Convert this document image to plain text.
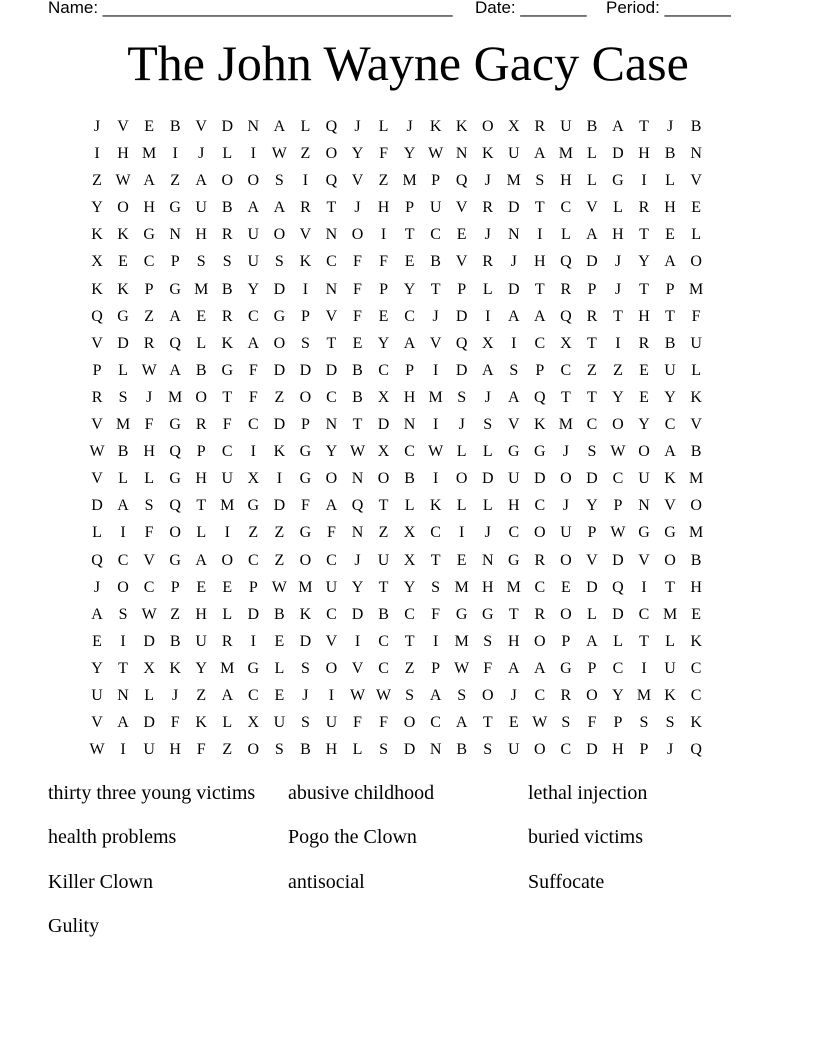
Name: _____________________________________ Date: _______ Period: _______
The John Wayne Gacy Case
J	V E B V D N A L Q	J	L	J	K K O X R U B A T	J	B
I	H M	I	J	L	I W Z O Y F Y W N K U A M L D H B N
Z W A Z A O O S	I	Q V Z M P Q	J M S H L G	I	L V
Y O H G U B A A R T	J	H P U V R D T C V L R H E
K K G N H R U O V N O	I	T C E	J	N	I	L A H T	E	L
X E C	P	S	S U S K C	F	F	E B V R	J	H Q D	J	Y A O
K K P G M B Y D	I	N F	P Y T	P	L D T R	P	J	T	P M
Q G Z A E R C G P V F	E C	J	D	I	A A Q R T H T	F
V D R Q L K A O S	T	E Y A V Q X	I	C X T	I	R B U
P	L W A B G F D D D B C	P	I	D A S	P	C Z	Z	E U L
R	S	J M O T	F	Z O C B X H M S	J	A Q T	T Y E Y K
V M F G R	F	C D P N T D N	I	J	S V K M C O Y C V
W B H Q P	C	I	K G Y W X C W L	L G G	J	S W O A B
V L	L G H U X	I	G O N O B	I	O D U D O D C U K M
D A S Q T M G D F A Q T	L K L	L H C	J	Y P N V O
L	I	F O L	I	Z	Z G F N Z X C	I	J	C O U P W G G M
Q C V G A O C Z O C	J	U X T	E N G R O V D V O B
J	O C	P	E	E	P W M U Y T Y S M H M C E D Q	I	T H
A S W Z H L D B K C D B C	F G G T R O L D C M E
E	I	D B U R	I	E D V	I	C T	I	M S H O P A L	T	L K
Y T X K Y M G L	S O V C Z	P W F A A G P	C	I	U C
U N L	J	Z A C E	J	I W W S A S O	J	C R O Y M K C
V A D F K L X U S U F	F O C A T	E W S	F	P	S	S K
W I	U H F	Z O S	B H L	S D N B	S U O C D H P	J	Q
thirty three young victims	abusive childhood	lethal injection
health problems	Pogo the Clown	buried victims
Killer Clown	antisocial	Suffocate
Gulity
